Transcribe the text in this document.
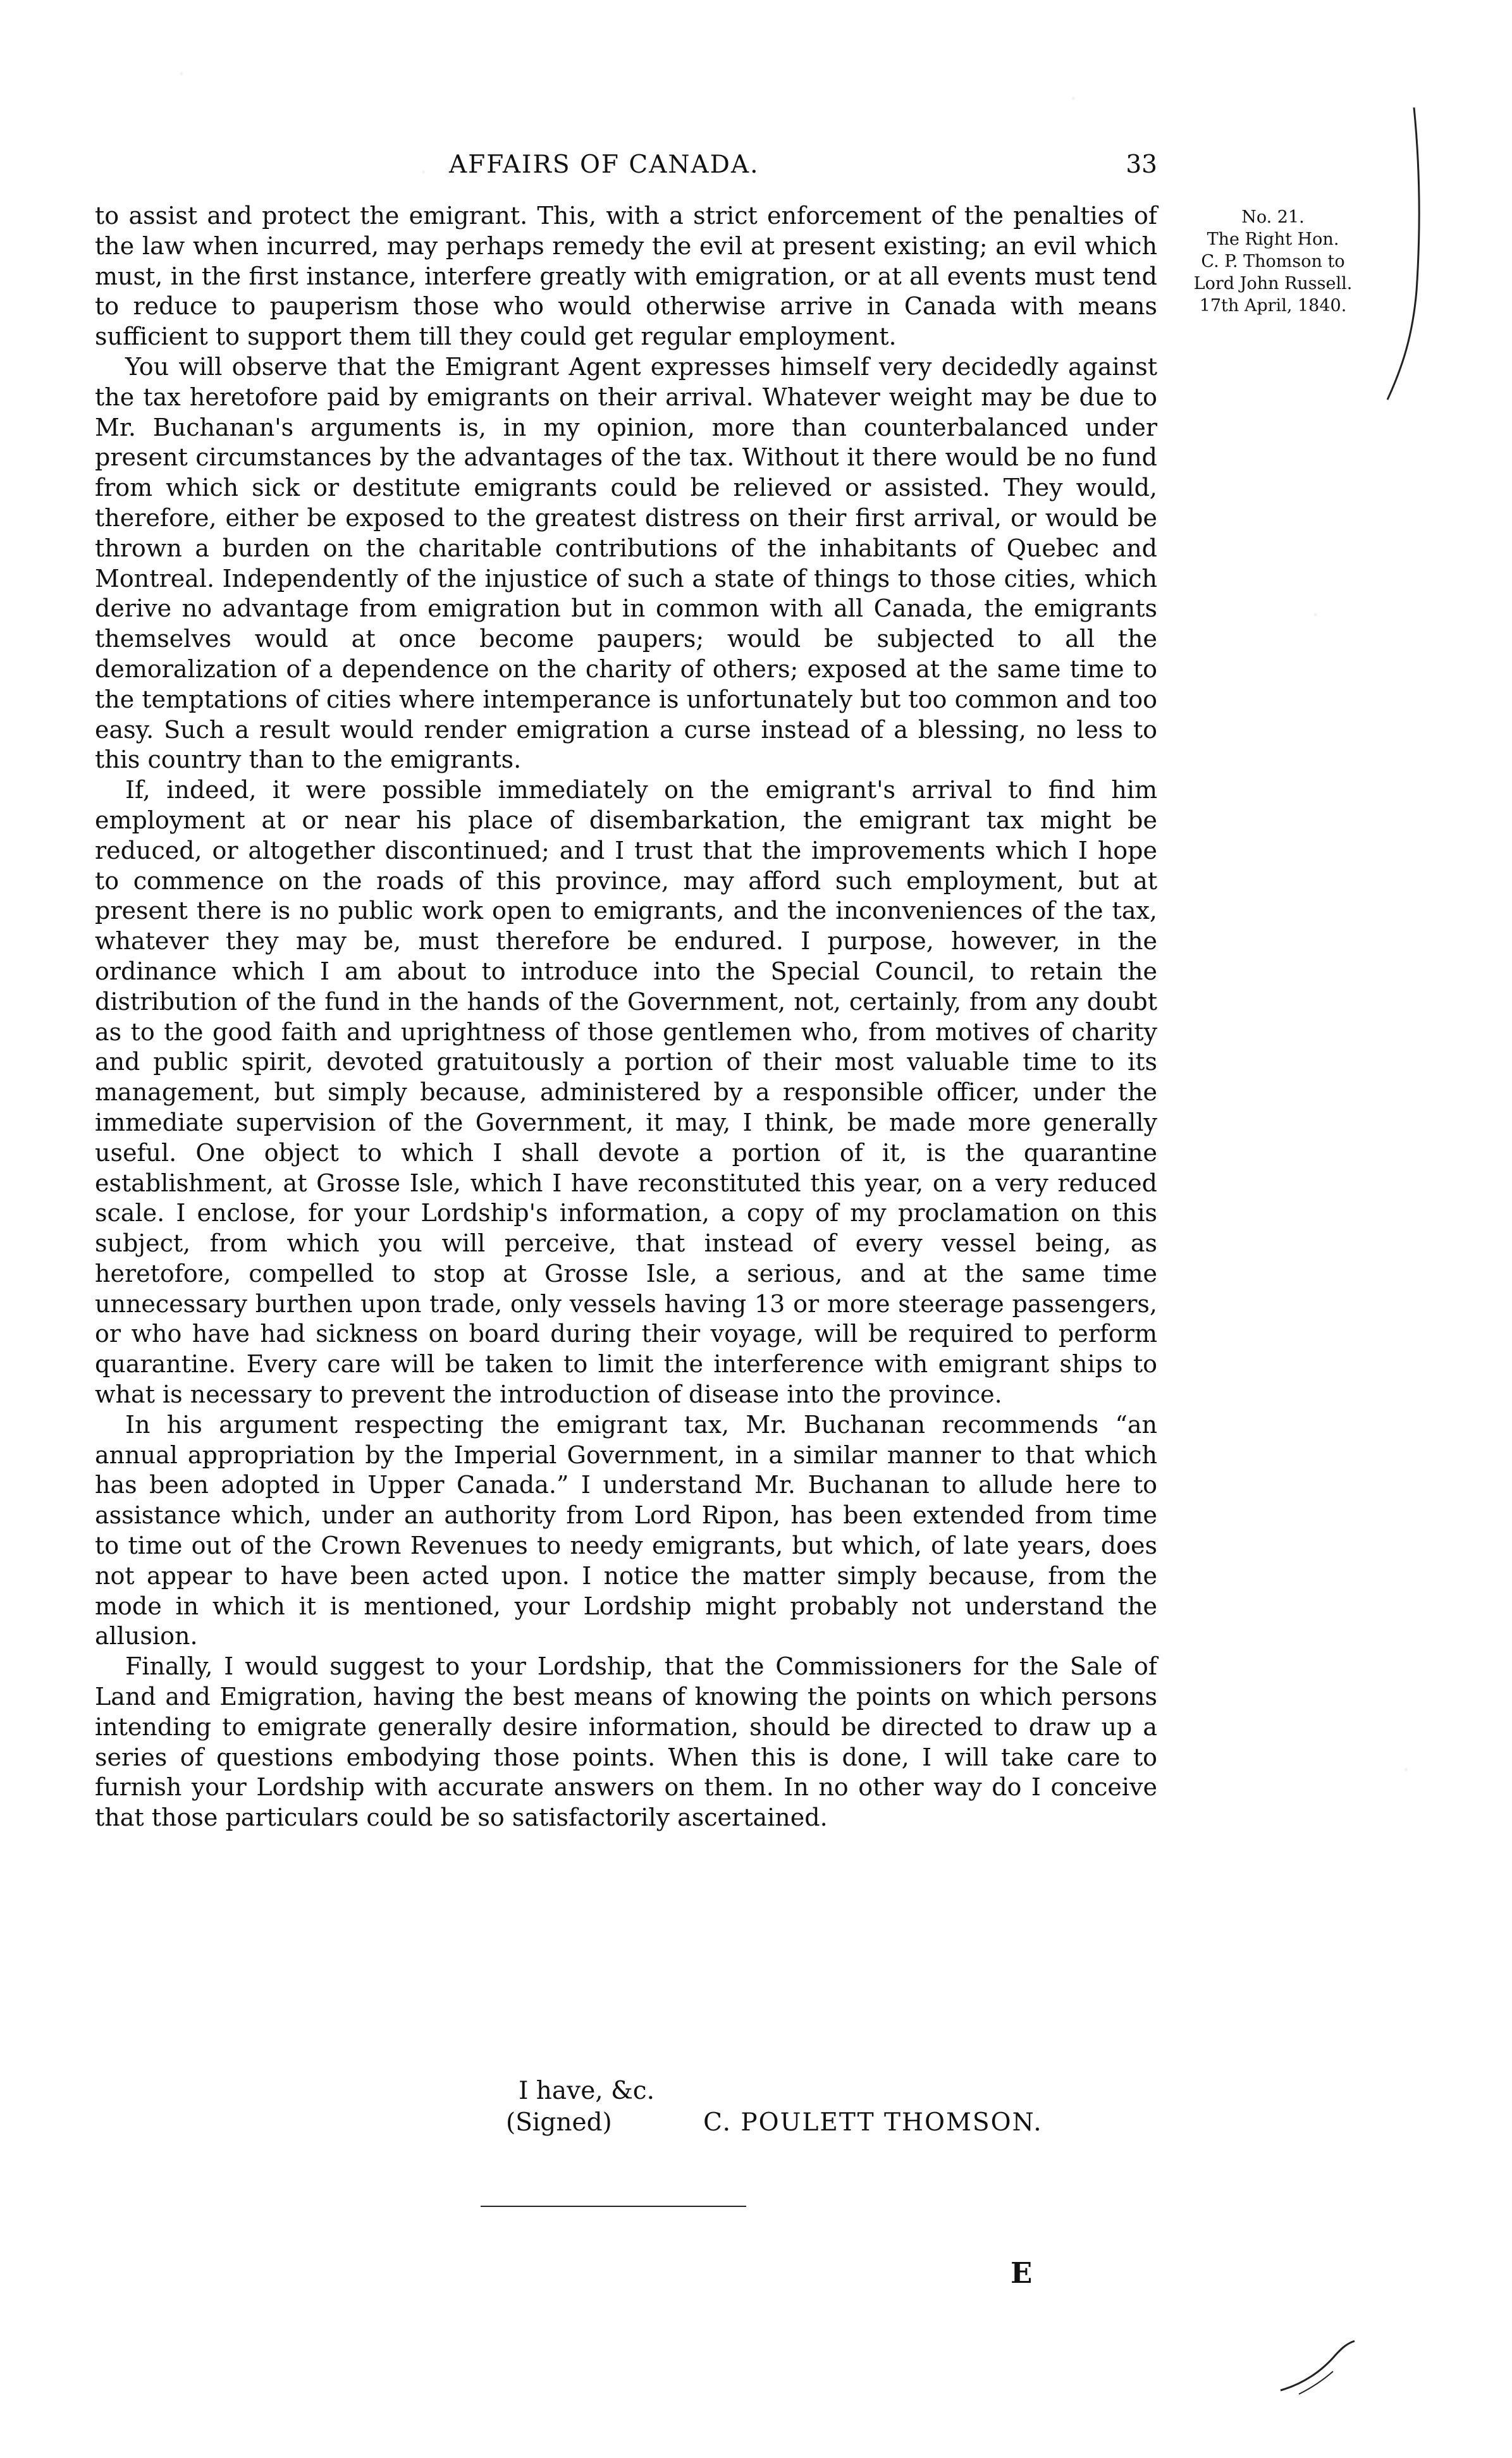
AFFAIRS OF CANADA.	33
No. 21.
The Right Hon.
C. P. Thomson to
Lord John Russell.
17th April, 1840.

to assist and protect the emigrant. This, with a strict enforcement of the penalties of the law when incurred, may perhaps remedy the evil at present existing; an evil which must, in the first instance, interfere greatly with emigration, or at all events must tend to reduce to pauperism those who would otherwise arrive in Canada with means sufficient to support them till they could get regular employment.

You will observe that the Emigrant Agent expresses himself very decidedly against the tax heretofore paid by emigrants on their arrival. Whatever weight may be due to Mr. Buchanan's arguments is, in my opinion, more than counterbalanced under present circumstances by the advantages of the tax. Without it there would be no fund from which sick or destitute emigrants could be relieved or assisted. They would, therefore, either be exposed to the greatest distress on their first arrival, or would be thrown a burden on the charitable contributions of the inhabitants of Quebec and Montreal. Independently of the injustice of such a state of things to those cities, which derive no advantage from emigration but in common with all Canada, the emigrants themselves would at once become paupers; would be subjected to all the demoralization of a dependence on the charity of others; exposed at the same time to the temptations of cities where intemperance is unfortunately but too common and too easy. Such a result would render emigration a curse instead of a blessing, no less to this country than to the emigrants.

If, indeed, it were possible immediately on the emigrant's arrival to find him employment at or near his place of disembarkation, the emigrant tax might be reduced, or altogether discontinued; and I trust that the improvements which I hope to commence on the roads of this province, may afford such employment, but at present there is no public work open to emigrants, and the inconveniences of the tax, whatever they may be, must therefore be endured. I purpose, however, in the ordinance which I am about to introduce into the Special Council, to retain the distribution of the fund in the hands of the Government, not, certainly, from any doubt as to the good faith and uprightness of those gentlemen who, from motives of charity and public spirit, devoted gratuitously a portion of their most valuable time to its management, but simply because, administered by a responsible officer, under the immediate supervision of the Government, it may, I think, be made more generally useful. One object to which I shall devote a portion of it, is the quarantine establishment, at Grosse Isle, which I have reconstituted this year, on a very reduced scale. I enclose, for your Lordship's information, a copy of my proclamation on this subject, from which you will perceive, that instead of every vessel being, as heretofore, compelled to stop at Grosse Isle, a serious, and at the same time unnecessary burthen upon trade, only vessels having 13 or more steerage passengers, or who have had sickness on board during their voyage, will be required to perform quarantine. Every care will be taken to limit the interference with emigrant ships to what is necessary to prevent the introduction of disease into the province.

In his argument respecting the emigrant tax, Mr. Buchanan recommends “an annual appropriation by the Imperial Government, in a similar manner to that which has been adopted in Upper Canada.” I understand Mr. Buchanan to allude here to assistance which, under an authority from Lord Ripon, has been extended from time to time out of the Crown Revenues to needy emigrants, but which, of late years, does not appear to have been acted upon. I notice the matter simply because, from the mode in which it is mentioned, your Lordship might probably not understand the allusion.

Finally, I would suggest to your Lordship, that the Commissioners for the Sale of Land and Emigration, having the best means of knowing the points on which persons intending to emigrate generally desire information, should be directed to draw up a series of questions embodying those points. When this is done, I will take care to furnish your Lordship with accurate answers on them. In no other way do I conceive that those particulars could be so satisfactorily ascertained.

I have, &c.
(Signed)	C. POULETT THOMSON.
E
